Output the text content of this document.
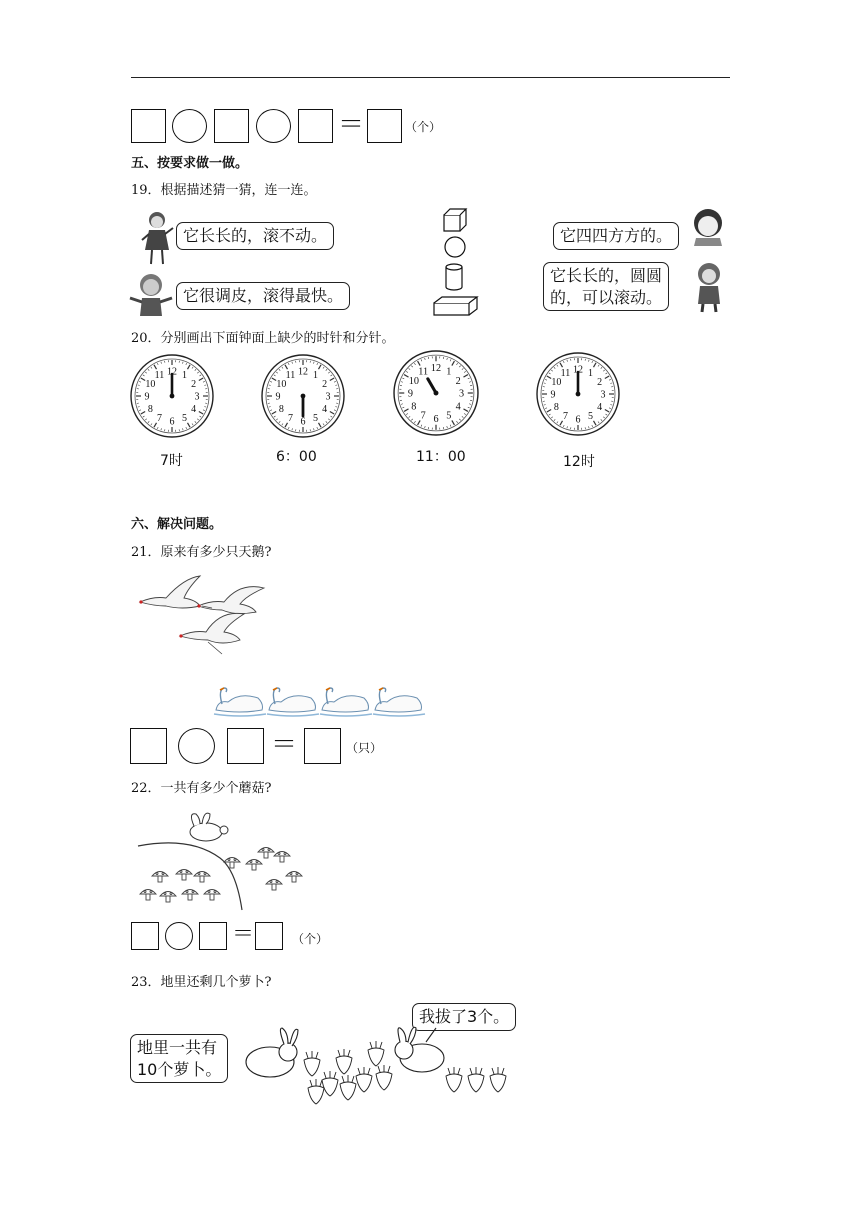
＝	（个）
五、按要求做一做。
19．根据描述猜一猜，连一连。
它长长的，滚不动。
它很调皮，滚得最快。
它四四方方的。
它长长的，圆圆
的，可以滚动。
20．分别画出下面钟面上缺少的时针和分针。
12 1
2
3
4
5
6
7
8
9
10
11	12 1
2
3
4
5
6
7
8
9
10
11
12 1
2
3
4
5
6
7
8
9
10
11	12 1
2
3
4
5
6
7
8
9
10
11
7时	6：00	11：00	12时
六、解决问题。
21．原来有多少只天鹅?
＝	（只）
22．一共有多少个蘑菇?
＝	（个）
23．地里还剩几个萝卜?
地里一共有
10个萝卜。
我拔了3个。
